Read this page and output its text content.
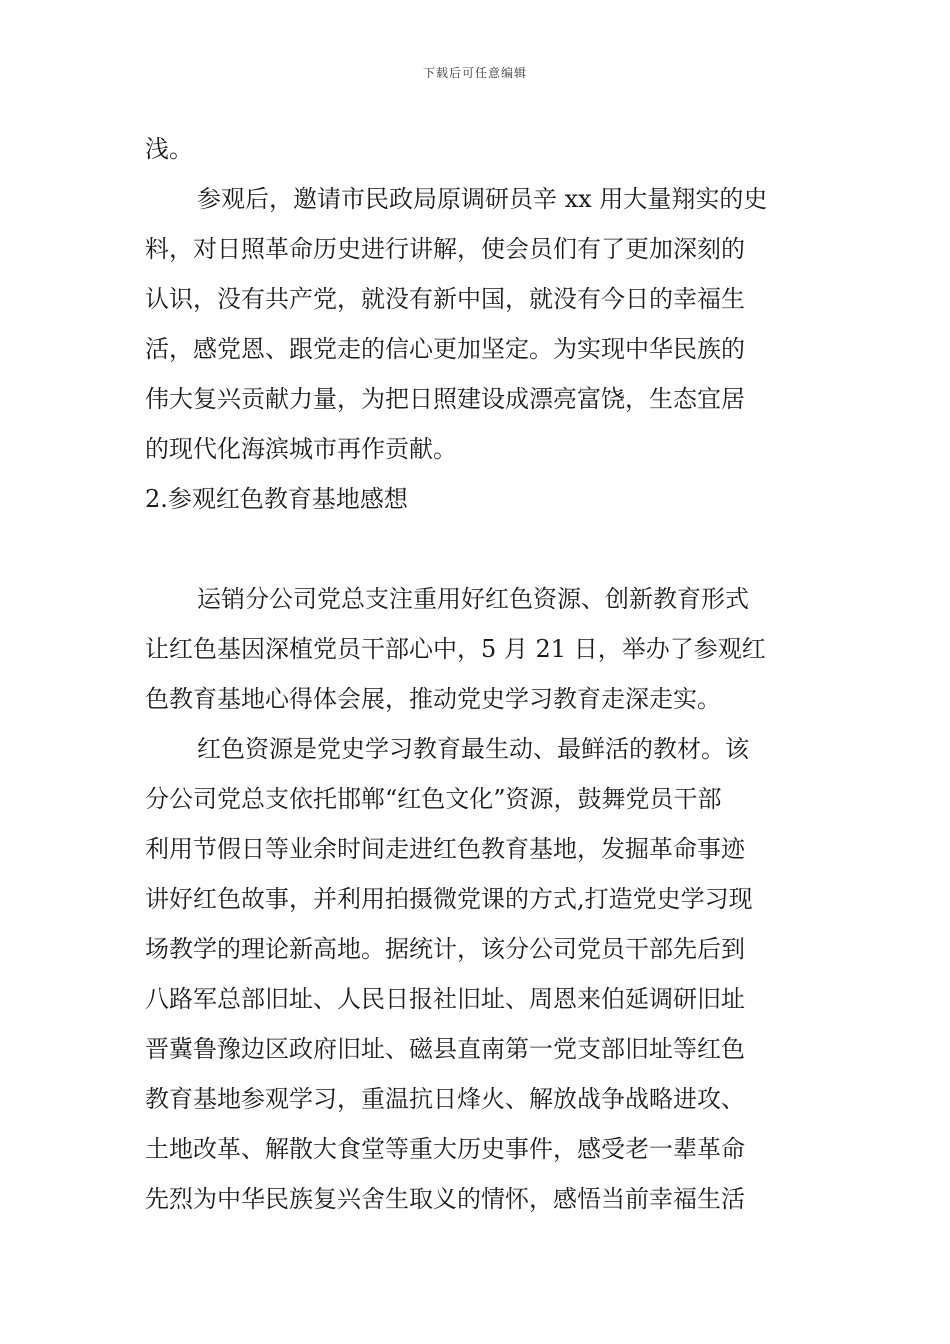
下载后可任意编辑
浅。
参观后，邀请市民政局原调研员辛 xx 用大量翔实的史
料，对日照革命历史进行讲解，使会员们有了更加深刻的
认识，没有共产党，就没有新中国，就没有今日的幸福生
活，感党恩、跟党走的信心更加坚定。为实现中华民族的
伟大复兴贡献力量，为把日照建设成漂亮富饶，生态宜居
的现代化海滨城市再作贡献。
2.参观红色教育基地感想
运销分公司党总支注重用好红色资源、创新教育形式
让红色基因深植党员干部心中，5 月 21 日，举办了参观红
色教育基地心得体会展，推动党史学习教育走深走实。
红色资源是党史学习教育最生动、最鲜活的教材。该
分公司党总支依托邯郸“红色文化”资源，鼓舞党员干部
利用节假日等业余时间走进红色教育基地，发掘革命事迹
讲好红色故事，并利用拍摄微党课的方式,打造党史学习现
场教学的理论新高地。据统计，该分公司党员干部先后到
八路军总部旧址、人民日报社旧址、周恩来伯延调研旧址
晋冀鲁豫边区政府旧址、磁县直南第一党支部旧址等红色
教育基地参观学习，重温抗日烽火、解放战争战略进攻、
土地改革、解散大食堂等重大历史事件，感受老一辈革命
先烈为中华民族复兴舍生取义的情怀，感悟当前幸福生活
